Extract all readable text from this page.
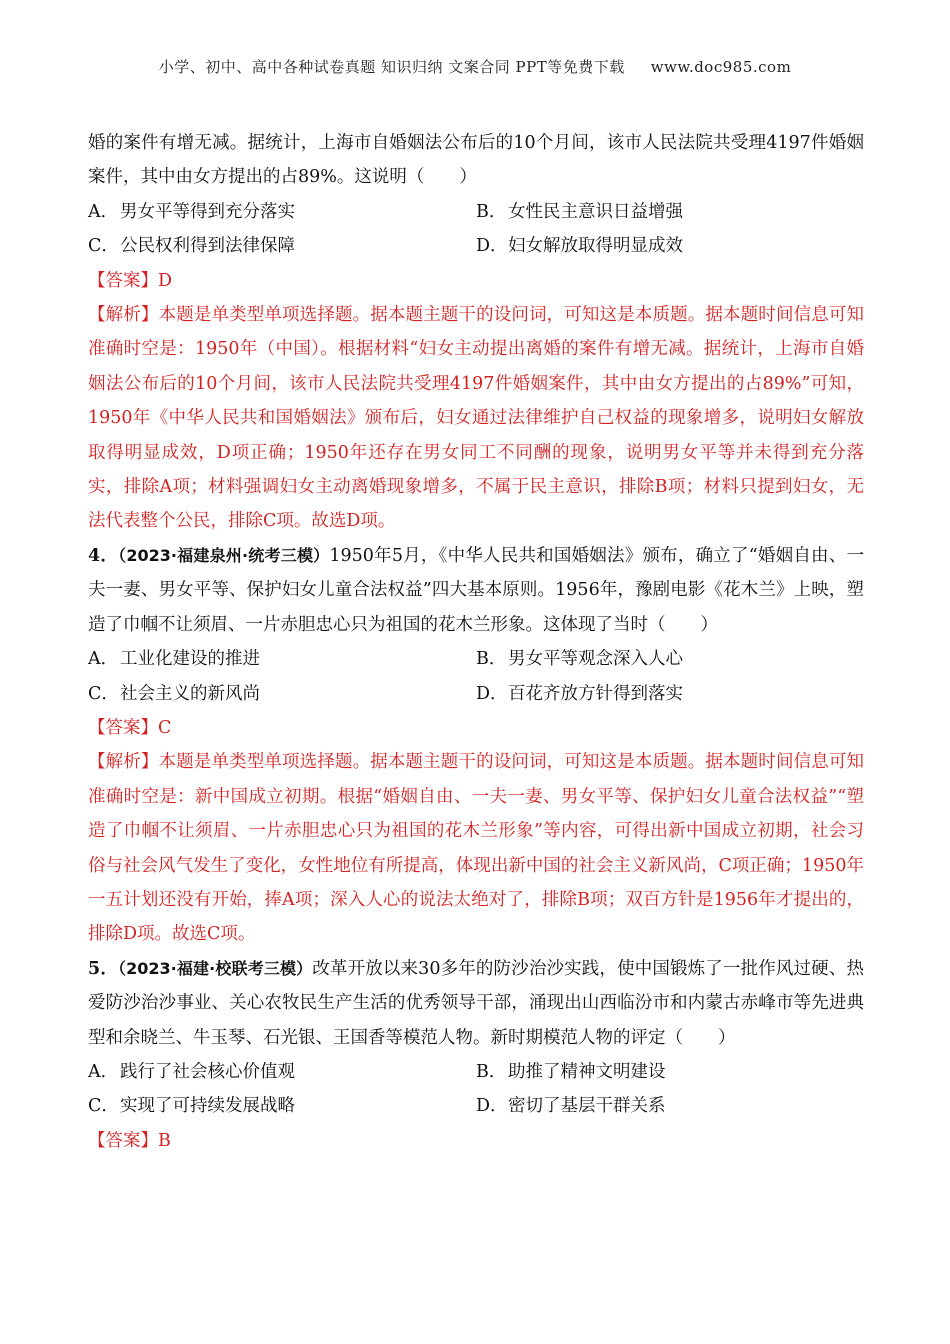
小学、初中、高中各种试卷真题 知识归纳 文案合同 PPT等免费下载 www.doc985.com

婚的案件有增无减。据统计，上海市自婚姻法公布后的10个月间，该市人民法院共受理4197件婚姻案件，其中由女方提出的占89%。这说明（　　）

A． 男女平等得到充分落实	B．女性民主意识日益增强
C．公民权利得到法律保障	D．妇女解放取得明显成效

【答案】D

【解析】本题是单类型单项选择题。据本题主题干的设问词，可知这是本质题。据本题时间信息可知准确时空是：1950年（中国）。根据材料“妇女主动提出离婚的案件有增无减。据统计，上海市自婚姻法公布后的10个月间，该市人民法院共受理4197件婚姻案件，其中由女方提出的占89%”可知，1950年《中华人民共和国婚姻法》颁布后，妇女通过法律维护自己权益的现象增多，说明妇女解放取得明显成效，D项正确；1950年还存在男女同工不同酬的现象，说明男女平等并未得到充分落实，排除A项；材料强调妇女主动离婚现象增多，不属于民主意识，排除B项；材料只提到妇女，无法代表整个公民，排除C项。故选D项。

4．（2023·福建泉州·统考三模）1950年5月，《中华人民共和国婚姻法》颁布，确立了“婚姻自由、一夫一妻、男女平等、保护妇女儿童合法权益”四大基本原则。1956年，豫剧电影《花木兰》上映，塑造了巾帼不让须眉、一片赤胆忠心只为祖国的花木兰形象。这体现了当时（　　）

A． 工业化建设的推进	B．男女平等观念深入人心
C．社会主义的新风尚	D．百花齐放方针得到落实

【答案】C

【解析】本题是单类型单项选择题。据本题主题干的设问词，可知这是本质题。据本题时间信息可知准确时空是：新中国成立初期。根据“婚姻自由、一夫一妻、男女平等、保护妇女儿童合法权益”“塑造了巾帼不让须眉、一片赤胆忠心只为祖国的花木兰形象”等内容，可得出新中国成立初期，社会习俗与社会风气发生了变化，女性地位有所提高，体现出新中国的社会主义新风尚，C项正确；1950年一五计划还没有开始，捧A项；深入人心的说法太绝对了，排除B项；双百方针是1956年才提出的，排除D项。故选C项。

5．（2023·福建·校联考三模）改革开放以来30多年的防沙治沙实践，使中国锻炼了一批作风过硬、热爱防沙治沙事业、关心农牧民生产生活的优秀领导干部，涌现出山西临汾市和内蒙古赤峰市等先进典型和余晓兰、牛玉琴、石光银、王国香等模范人物。新时期模范人物的评定（　　）

A． 践行了社会核心价值观	B．助推了精神文明建设
C．实现了可持续发展战略	D．密切了基层干群关系

【答案】B
